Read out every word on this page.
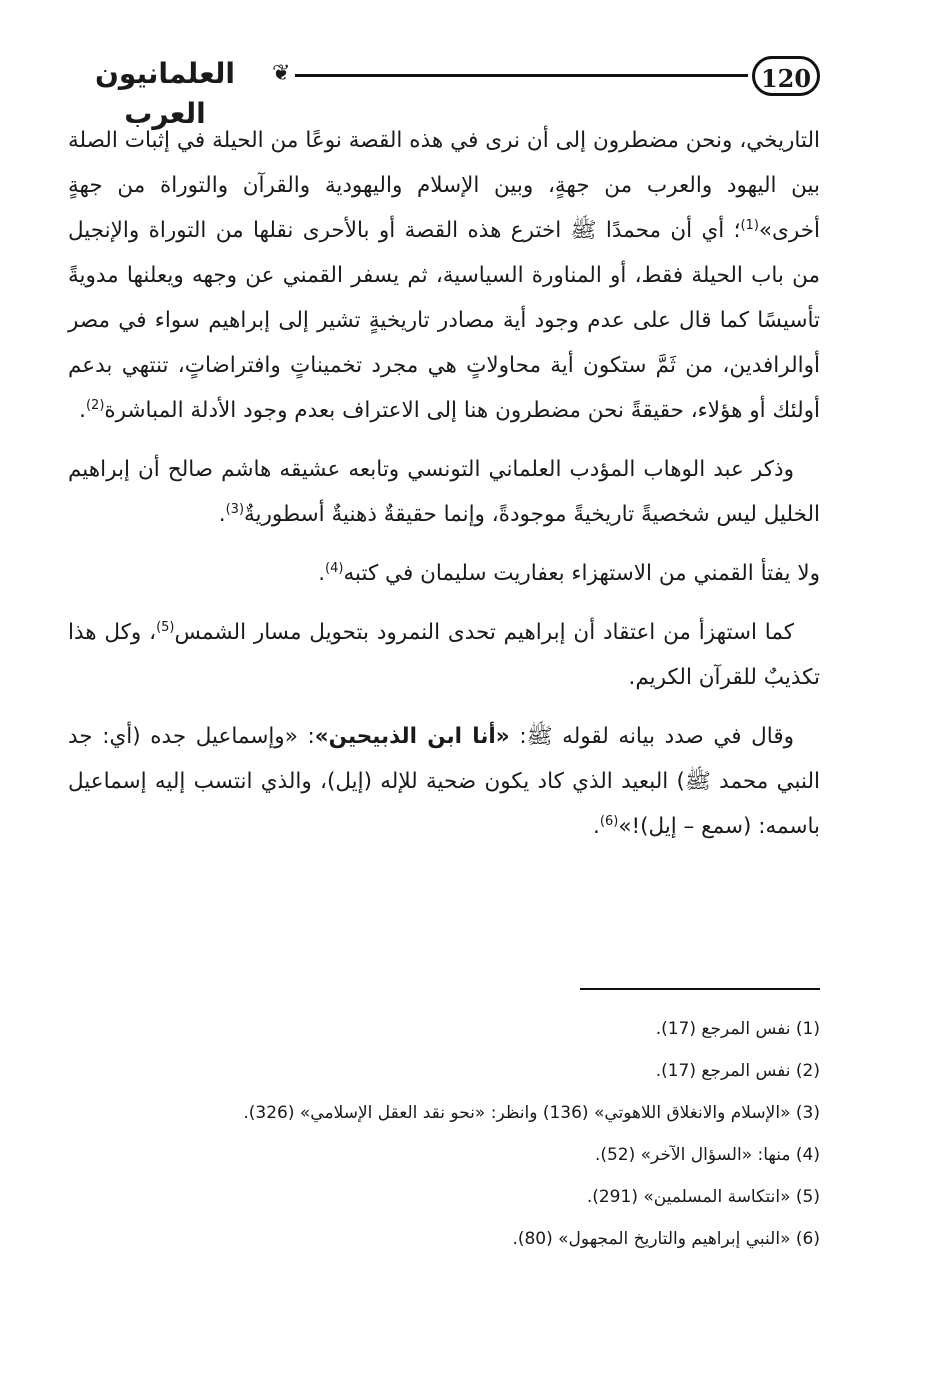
العلمانيون العرب
❦	120

التاريخي، ونحن مضطرون إلى أن نرى في هذه القصة نوعًا من الحيلة في إثبات الصلة بين اليهود والعرب من جهةٍ، وبين الإسلام واليهودية والقرآن والتوراة من جهةٍ أخرى»$^{(1)}$؛ أي أن محمدًا ﷺ اخترع هذه القصة أو بالأحرى نقلها من التوراة والإنجيل من باب الحيلة فقط، أو المناورة السياسية، ثم يسفر القمني عن وجهه ويعلنها مدويةً تأسيسًا كما قال على عدم وجود أية مصادر تاريخيةٍ تشير إلى إبراهيم سواء في مصر أوالرافدين، من ثَمَّ ستكون أية محاولاتٍ هي مجرد تخميناتٍ وافتراضاتٍ، تنتهي بدعم أولئك أو هؤلاء، حقيقةً نحن مضطرون هنا إلى الاعتراف بعدم وجود الأدلة المباشرة$^{(2)}$.

وذكر عبد الوهاب المؤدب العلماني التونسي وتابعه عشيقه هاشم صالح أن إبراهيم الخليل ليس شخصيةً تاريخيةً موجودةً، وإنما حقيقةٌ ذهنيةٌ أسطوريةٌ$^{(3)}$.

ولا يفتأ القمني من الاستهزاء بعفاريت سليمان في كتبه$^{(4)}$.

كما استهزأ من اعتقاد أن إبراهيم تحدى النمرود بتحويل مسار الشمس$^{(5)}$، وكل هذا تكذيبٌ للقرآن الكريم.

وقال في صدد بيانه لقوله ﷺ: «أنا ابن الذبيحين»: «وإسماعيل جده (أي: جد النبي محمد ﷺ) البعيد الذي كاد يكون ضحية للإله (إيل)، والذي انتسب إليه إسماعيل باسمه: (سمع – إيل)!»$^{(6)}$.

(1) نفس المرجع (17).

(2) نفس المرجع (17).

(3) «الإسلام والانغلاق اللاهوتي» (136) وانظر: «نحو نقد العقل الإسلامي» (326).

(4) منها: «السؤال الآخر» (52).

(5) «انتكاسة المسلمين» (291).

(6) «النبي إبراهيم والتاريخ المجهول» (80).
